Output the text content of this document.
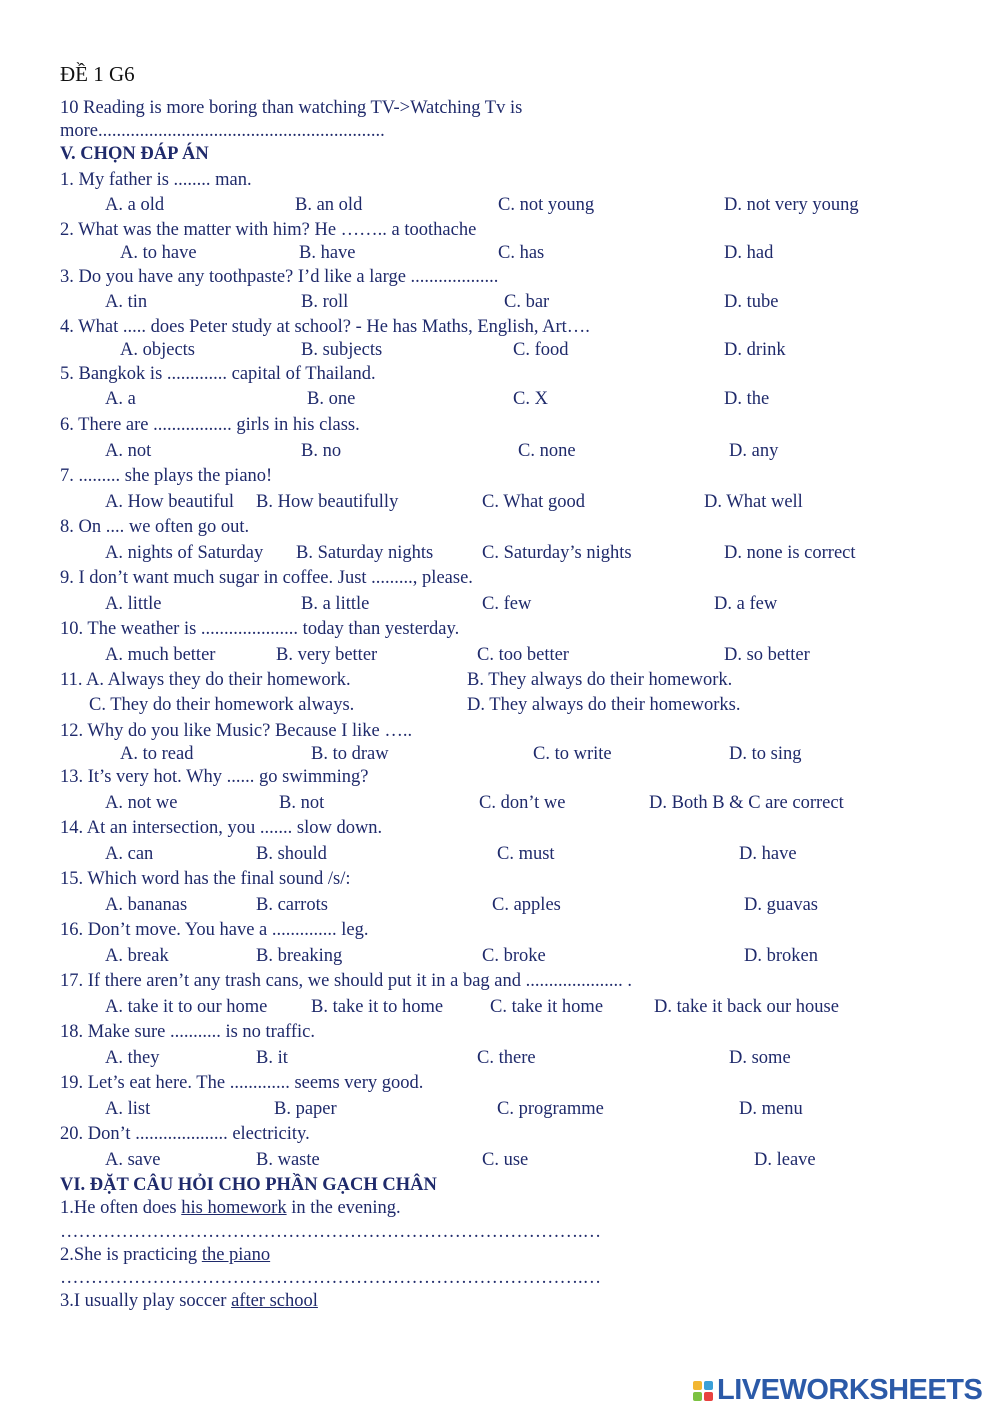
ĐỀ 1 G6
10 Reading is more boring than watching TV->Watching Tv is
more..............................................................
V. CHỌN ĐÁP ÁN
1. My father is ........ man.
A. a old	B. an old	C. not young	D. not very young
2. What was the matter with him? He …….. a toothache
A. to have	B. have	C. has	D. had
3. Do you have any toothpaste? I’d like a large ...................
A. tin	B. roll	C. bar	D. tube
4. What ..... does Peter study at school? - He has Maths, English, Art….
A. objects	B. subjects	C. food	D. drink
5. Bangkok is ............. capital of Thailand.
A. a	B. one	C. X	D. the
6. There are ................. girls in his class.
A. not	B. no	C. none	D. any
7. ......... she plays the piano!
A. How beautiful B. How beautifully	C. What good	D. What well
8. On .... we often go out.
A. nights of Saturday B. Saturday nights	C. Saturday’s nights	D. none is correct
9. I don’t want much sugar in coffee. Just ........., please.
A. little	B. a little	C. few	D. a few
10. The weather is ..................... today than yesterday.
A. much better	B. very better	C. too better	D. so better
11. A. Always they do their homework.	B. They always do their homework.
C. They do their homework always.	D. They always do their homeworks.
12. Why do you like Music? Because I like …..
A. to read	B. to draw	C. to write	D. to sing
13. It’s very hot. Why ...... go swimming?
A. not we	B. not	C. don’t we	D. Both B & C are correct
14. At an intersection, you ....... slow down.
A. can	B. should	C. must	D. have
15. Which word has the final sound /s/:
A. bananas	B. carrots	C. apples	D. guavas
16. Don’t move. You have a .............. leg.
A. break	B. breaking	C. broke	D. broken
17. If there aren’t any trash cans, we should put it in a bag and ..................... .
A. take it to our home B. take it to home	C. take it home	D. take it back our house
18. Make sure ........... is no traffic.
A. they	B. it	C. there	D. some
19. Let’s eat here. The ............. seems very good.
A. list	B. paper	C. programme	D. menu
20. Don’t .................... electricity.
A. save	B. waste	C. use	D. leave
VI. ĐẶT CÂU HỎI CHO PHẦN GẠCH CHÂN
1.He often does his homework in the evening.
………………………………………………………………………….…
2.She is practicing the piano
………………………………………………………………………….…
3.I usually play soccer after school
LIVEWORKSHEETS
